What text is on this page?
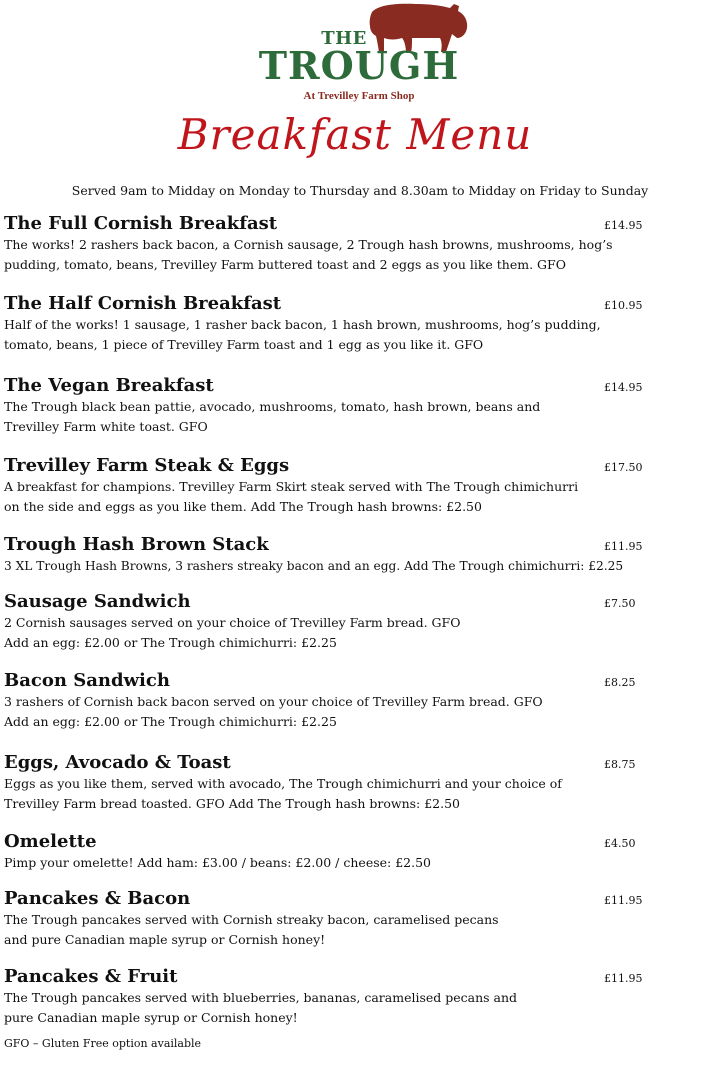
THE
TROUGH
At Trevilley Farm Shop
Breakfast Menu
Served 9am to Midday on Monday to Thursday and 8.30am to Midday on Friday to Sunday
The Full Cornish Breakfast	£14.95
The works! 2 rashers back bacon, a Cornish sausage, 2 Trough hash browns, mushrooms, hog’s
pudding, tomato, beans, Trevilley Farm buttered toast and 2 eggs as you like them. GFO
The Half Cornish Breakfast	£10.95
Half of the works! 1 sausage, 1 rasher back bacon, 1 hash brown, mushrooms, hog’s pudding,
tomato, beans, 1 piece of Trevilley Farm toast and 1 egg as you like it. GFO
The Vegan Breakfast	£14.95
The Trough black bean pattie, avocado, mushrooms, tomato, hash brown, beans and
Trevilley Farm white toast. GFO
Trevilley Farm Steak & Eggs	£17.50
A breakfast for champions. Trevilley Farm Skirt steak served with The Trough chimichurri
on the side and eggs as you like them. Add The Trough hash browns: £2.50
Trough Hash Brown Stack	£11.95
3 XL Trough Hash Browns, 3 rashers streaky bacon and an egg. Add The Trough chimichurri: £2.25
Sausage Sandwich	£7.50
2 Cornish sausages served on your choice of Trevilley Farm bread. GFO
Add an egg: £2.00 or The Trough chimichurri: £2.25
Bacon Sandwich	£8.25
3 rashers of Cornish back bacon served on your choice of Trevilley Farm bread. GFO
Add an egg: £2.00 or The Trough chimichurri: £2.25
Eggs, Avocado & Toast	£8.75
Eggs as you like them, served with avocado, The Trough chimichurri and your choice of
Trevilley Farm bread toasted. GFO Add The Trough hash browns: £2.50
Omelette	£4.50
Pimp your omelette! Add ham: £3.00 / beans: £2.00 / cheese: £2.50
Pancakes & Bacon	£11.95
The Trough pancakes served with Cornish streaky bacon, caramelised pecans
and pure Canadian maple syrup or Cornish honey!
Pancakes & Fruit	£11.95
The Trough pancakes served with blueberries, bananas, caramelised pecans and
pure Canadian maple syrup or Cornish honey!
GFO – Gluten Free option available
